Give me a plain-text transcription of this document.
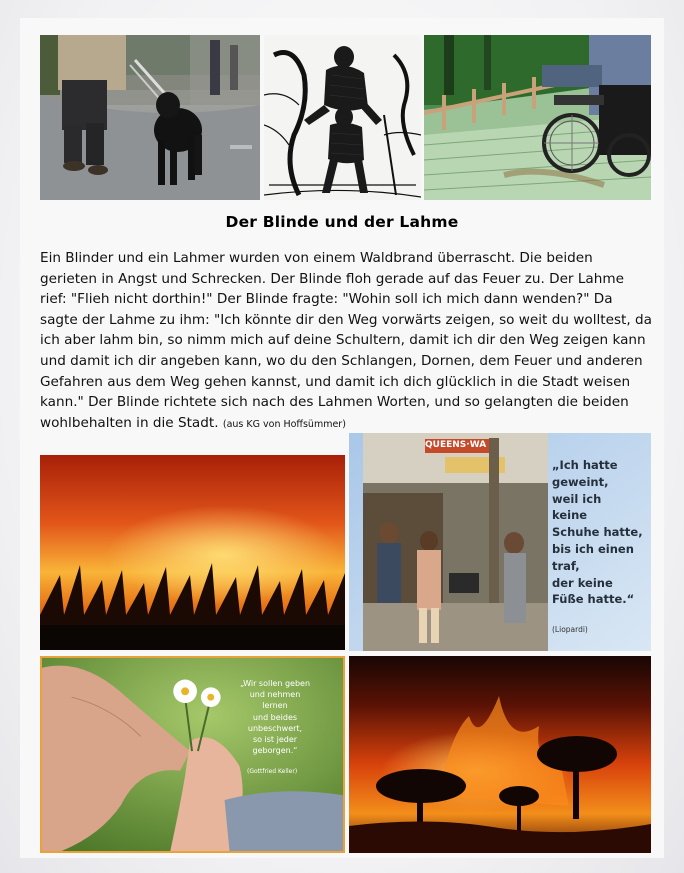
Der Blinde und der Lahme
Ein Blinder und ein Lahmer wurden von einem Waldbrand überrascht. Die beiden gerieten in Angst und Schrecken. Der Blinde floh gerade auf das Feuer zu. Der Lahme rief: "Flieh nicht dorthin!" Der Blinde fragte: "Wohin soll ich mich dann wenden?" Da sagte der Lahme zu ihm: "Ich könnte dir den Weg vorwärts zeigen, so weit du wolltest, da ich aber lahm bin, so nimm mich auf deine Schultern, damit ich dir den Weg zeigen kann und damit ich dir angeben kann, wo du den Schlangen, Dornen, dem Feuer und anderen Gefahren aus dem Weg gehen kannst, und damit ich dich glücklich in die Stadt weisen kann." Der Blinde richtete sich nach des Lahmen Worten, und so gelangten die beiden wohlbehalten in die Stadt. (aus KG von Hoffsümmer)
QUEENS·WA
„Ich hatte
geweint,
weil ich
keine
Schuhe hatte,
bis ich einen
traf,
der keine
Füße hatte.“
(Liopardi)
„Wir sollen geben
und nehmen
lernen
und beides
unbeschwert,
so ist jeder
geborgen.“
(Gottfried Keller)
